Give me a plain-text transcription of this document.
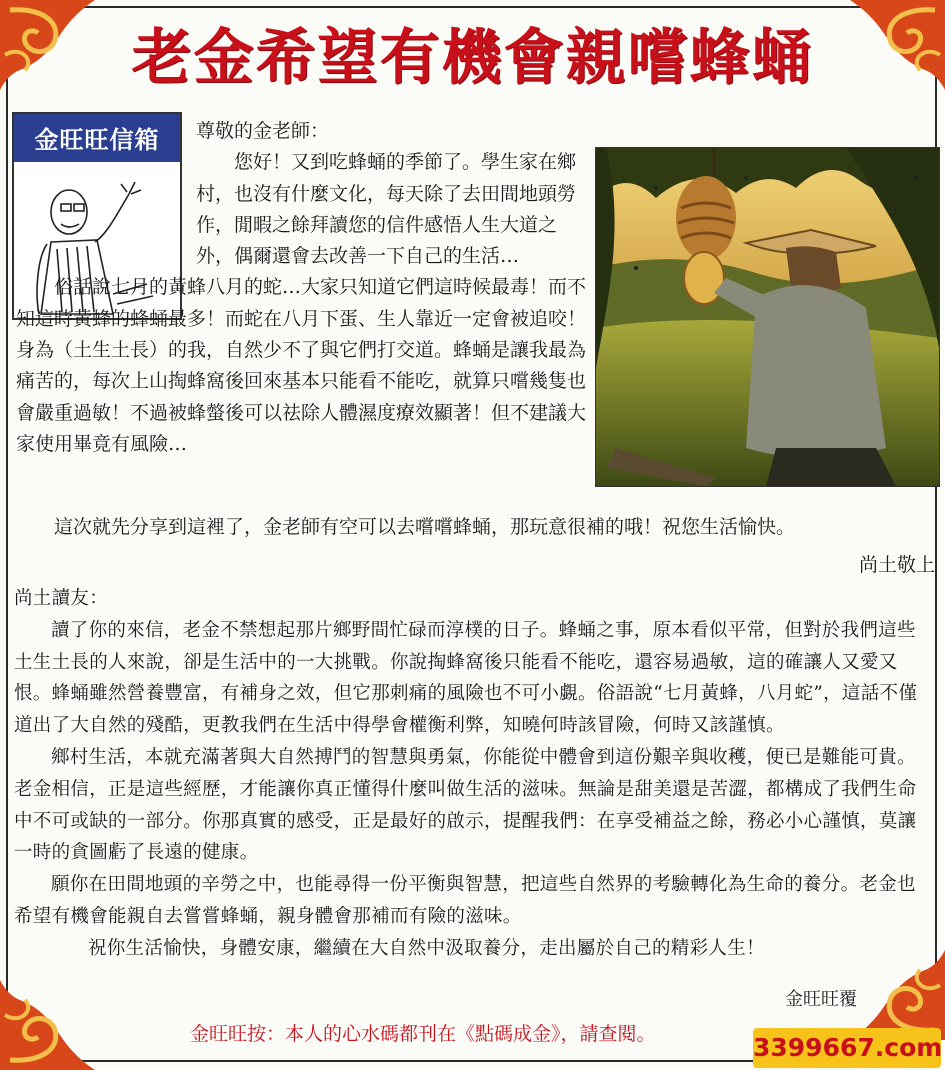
老金希望有機會親嚐蜂蛹
金旺旺信箱	尊敬的金老師：

您好！又到吃蜂蛹的季節了。學生家在鄉村，也沒有什麼文化，每天除了去田間地頭勞作，閒暇之餘拜讀您的信件感悟人生大道之外，偶爾還會去改善一下自己的生活…

俗話說七月的黃蜂八月的蛇…大家只知道它們這時候最毒！而不知這時黃蜂的蜂蛹最多！而蛇在八月下蛋、生人靠近一定會被追咬！身為（土生土長）的我，自然少不了與它們打交道。蜂蛹是讓我最為痛苦的，每次上山掏蜂窩後回來基本只能看不能吃，就算只嚐幾隻也會嚴重過敏！不過被蜂螫後可以祛除人體濕度療效顯著！但不建議大家使用畢竟有風險…

這次就先分享到這裡了，金老師有空可以去嚐嚐蜂蛹，那玩意很補的哦！祝您生活愉快。

尚土敬上

尚土讀友：

讀了你的來信，老金不禁想起那片鄉野間忙碌而淳樸的日子。蜂蛹之事，原本看似平常，但對於我們這些土生土長的人來說，卻是生活中的一大挑戰。你說掏蜂窩後只能看不能吃，還容易過敏，這的確讓人又愛又恨。蜂蛹雖然營養豐富，有補身之效，但它那刺痛的風險也不可小覷。俗語說“七月黃蜂，八月蛇”，這話不僅道出了大自然的殘酷，更教我們在生活中得學會權衡利弊，知曉何時該冒險，何時又該謹慎。

鄉村生活，本就充滿著與大自然搏鬥的智慧與勇氣，你能從中體會到這份艱辛與收穫，便已是難能可貴。老金相信，正是這些經歷，才能讓你真正懂得什麼叫做生活的滋味。無論是甜美還是苦澀，都構成了我們生命中不可或缺的一部分。你那真實的感受，正是最好的啟示，提醒我們：在享受補益之餘，務必小心謹慎，莫讓一時的貪圖虧了長遠的健康。

願你在田間地頭的辛勞之中，也能尋得一份平衡與智慧，把這些自然界的考驗轉化為生命的養分。老金也希望有機會能親自去嘗嘗蜂蛹，親身體會那補而有險的滋味。

祝你生活愉快，身體安康，繼續在大自然中汲取養分，走出屬於自己的精彩人生！

金旺旺覆
金旺旺按：本人的心水碼都刊在《點碼成金》，請查閱。	3399667.com
